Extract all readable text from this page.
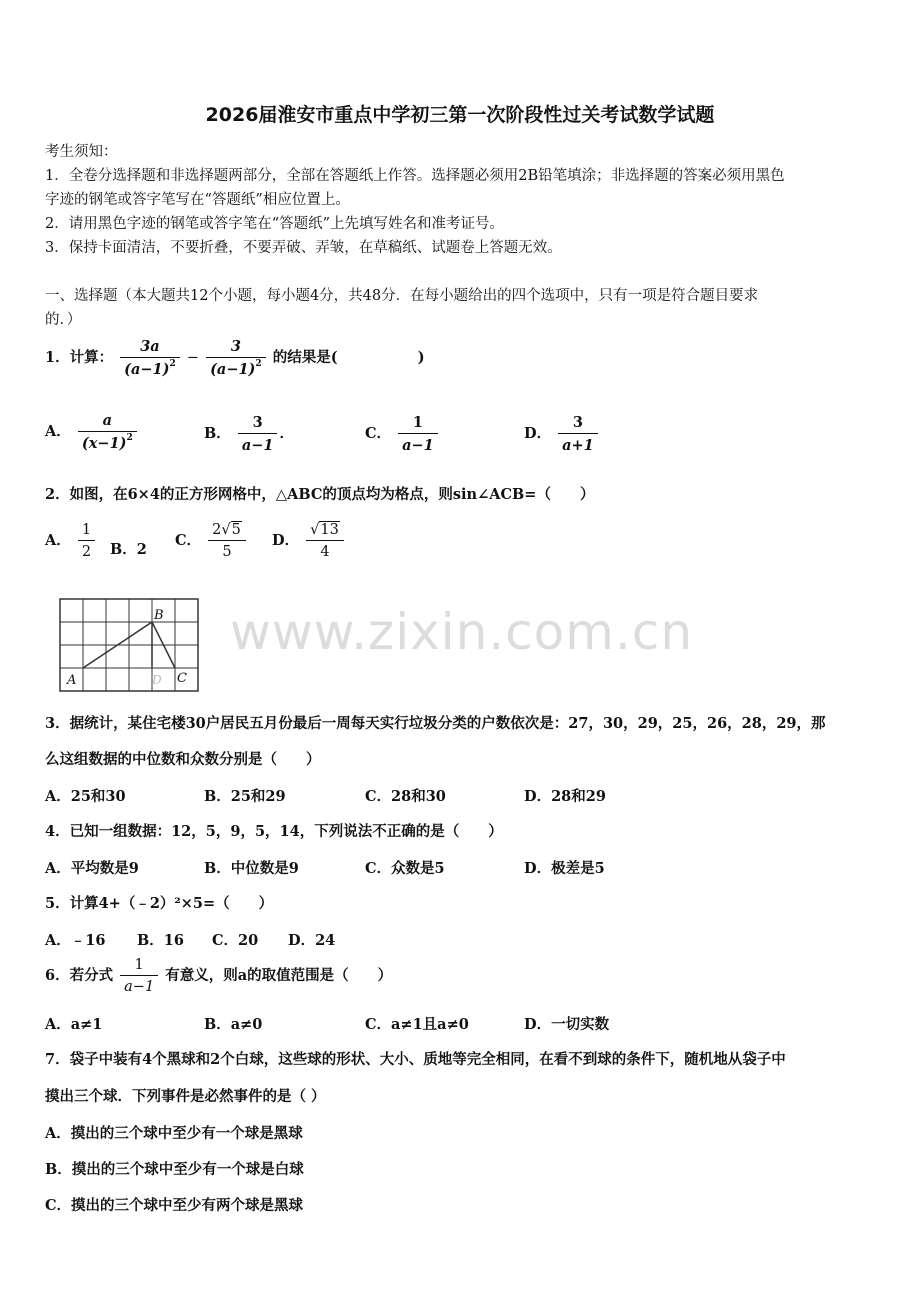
2026届淮安市重点中学初三第一次阶段性过关考试数学试题
考生须知：
1．全卷分选择题和非选择题两部分，全部在答题纸上作答。选择题必须用2B铅笔填涂；非选择题的答案必须用黑色
字迹的钢笔或答字笔写在“答题纸”相应位置上。
2．请用黑色字迹的钢笔或答字笔在“答题纸”上先填写姓名和准考证号。
3．保持卡面清洁，不要折叠，不要弄破、弄皱，在草稿纸、试题卷上答题无效。
一、选择题（本大题共12个小题，每小题4分，共48分．在每小题给出的四个选项中，只有一项是符合题目要求
的．）
1．计算： $\frac{3a}{(a-1)^2} - \frac{3}{(a-1)^2}$ 的结果是(	)
A． $\frac{a}{(x-1)^2}$	B． $\frac{3}{a-1}$ ．	C． $\frac{1}{a-1}$	D． $\frac{3}{a+1}$
2．如图，在6×4的正方形网格中，△ABC的顶点均为格点，则sin∠ACB=（　　）
A． $\frac{1}{2}$ B．2
C． $\frac{2√5}{5}$ D． $\frac{√13}{4}$
A
B
C
D
www.zixin.com.cn
3．据统计，某住宅楼30户居民五月份最后一周每天实行垃圾分类的户数依次是：27，30，29，25，26，28，29，那
么这组数据的中位数和众数分别是（　　）
A．25和30	B．25和29	C．28和30	D．28和29
4．已知一组数据：12，5，9，5，14，下列说法不正确的是（　　）
A．平均数是9	B．中位数是9	C．众数是5	D．极差是5
5．计算4+（﹣2）²×5=（　　）
A．﹣16 B．16 C．20 D．24
6．若分式 $\frac{1}{a-1}$ 有意义，则a的取值范围是（　　）
A．a≠1	B．a≠0	C．a≠1且a≠0	D．一切实数
7．袋子中装有4个黑球和2个白球，这些球的形状、大小、质地等完全相同，在看不到球的条件下，随机地从袋子中
摸出三个球．下列事件是必然事件的是（ ）
A．摸出的三个球中至少有一个球是黑球
B．摸出的三个球中至少有一个球是白球
C．摸出的三个球中至少有两个球是黑球
